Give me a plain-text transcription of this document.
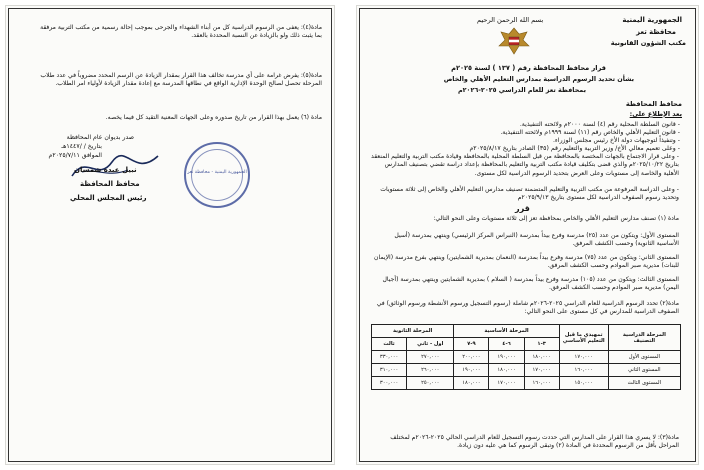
مادة(٤): يعفى من الرسوم الدراسية كل من أبناء الشهداء والجرحى بموجب إحالة رسمية من مكتب التربية مرفقة بما يثبت ذلك ولو بالزيادة عن النسبة المحددة بالعقد.
مادة(٥): يفرض غرامة على أي مدرسة تخالف هذا القرار بمقدار الزيادة عن الرسم المحدد مضروباً في عدد طلاب المرحلة تحصل لصالح الوحدة الإدارية الواقع في نطاقها المدرسة مع إعادة مقدار الزيادة لأولياء امر الطلاب.
مادة (٦) يعمل بهذا القرار من تاريخ صدوره وعلى الجهات المعنية التقيد كل فيما يخصه.
صدر بديوان عام المحافظة
بتاريخ / /١٤٤٧هـ
الموافق ٢٠٢٥/٧/١١م
الجمهورية اليمنية - محافظة تعز
نبيل عبده شمسان
محافظ المحافظة
رئيس المجلس المحلي
الجمهورية اليمنية
محافظة تعز
مكتب الشؤون القانونية
بسم الله الرحمن الرحيم
قرار محافظ المحافظة رقم ( ١٣٧ ) لسنة ٢٠٢٥م
بشأن تحديد الرسوم الدراسية بمدارس التعليم الأهلي والخاص
بمحافظة تعز للعام الدراسي ٢٠٢٥-٢٠٢٦م
محافظ المحافظة
بعد الإطلاع على:
- قانون السلطة المحلية رقم (٤) لسنة ٢٠٠٠م ولائحته التنفيذية.
- قانون التعليم الأهلي والخاص رقم (١١) لسنة ١٩٩٩م ولائحته التنفيذية.
- وتنفيذاً لتوجيهات دولة الأخ رئيس مجلس الوزراء.
- وعلى تعميم معالي الأخ/ وزير التربية والتعليم رقم (٣٥) الصادر بتاريخ ٢٠٢٥/٨/١٧م
- وعلى قرار الاجتماع بالجهات المختصة بالمحافظة من قبل السلطة المحلية بالمحافظة وقيادة مكتب التربية والتعليم المنعقد بتاريخ ٢٠٢٥/١٠/٢٢م والذي قضى بتكليف قيادة مكتب التربية والتعليم بالمحافظة بإعداد دراسة تقضي بتصنيف المدارس الأهلية والخاصة إلى مستويات وعلى العرض بتحديد الرسوم الدراسية لكل مستوى.
- وعلى الدراسة المرفوعة من مكتب التربية والتعليم المتضمنة تصنيف مدارس التعليم الأهلي والخاص إلى ثلاثة مستويات وتحديد رسوم الصفوف الدراسية لكل مستوى بتاريخ ٢٠٢٥/٩/١٣م
قرر
مادة (١) تصنف مدارس التعليم الأهلي والخاص بمحافظة تعز إلى ثلاثة مستويات وعلى النحو التالي:
المستوى الأول: ويتكون من عدد (٢٥) مدرسة وفرع بيداً بمدرسة (النبراس المركز الرئيسي) وينتهي بمدرسة (أسيل الأساسية الثانوية) وحسب الكشف المرفق.
المستوى الثاني: ويتكون من عدد (٧٥) مدرسة وفرع بيداً بمدرسة (النعمان بمديرية الشمايتين) وينتهي بفرع مدرسة (الإيمان للبنات) مديرية صبر الموادم وحسب الكشف المرفق.
المستوى الثالث: ويتكون من عدد (١٠٥) مدرسة وفرع بيداً بمدرسة ( السلام ) بمديرية الشمايتين وينتهي بمدرسة (أجيال اليمن) مديرية صبر الموادم وحسب الكشف المرفق.
مادة(٢) تحدد الرسوم الدراسية للعام الدراسي ٢٠٢٥-٢٠٢٦م شاملة (رسوم التسجيل ورسوم الأنشطة ورسوم الوثائق) في الصفوف الدراسية للمدارس في كل مستوى على النحو التالي:
المرحلة الدراسية
التصنيف	تمهيدي ما قبل التعليم الأساسي	المرحلة الأساسية			المرحلة الثانوية	
		٣-١	٦-٤	٩-٧	اول - ثاني	ثالث
المستوى الأول	١٧٠,٠٠٠	١٨٠,٠٠٠	١٩٠,٠٠٠	٢٠٠,٠٠٠	٢٧٠,٠٠٠	٣٣٠,٠٠٠
المستوى الثاني	١٦٠,٠٠٠	١٧٠,٠٠٠	١٨٠,٠٠٠	١٩٠,٠٠٠	٢٦٠,٠٠٠	٣١٠,٠٠٠
المستوى الثالث	١٥٠,٠٠٠	١٦٠,٠٠٠	١٧٠,٠٠٠	١٨٠,٠٠٠	٢٥٠,٠٠٠	٣٠٠,٠٠٠
مادة(٣): لا يسري هذا القرار على المدارس التي حددت رسوم التسجيل للعام الدراسي الحالي ٢٠٢٥-٢٠٢٦م لمختلف المراحل بأقل من الرسوم المحددة في المادة (٢) وتبقى الرسوم كما هي عليه دون زيادة.
